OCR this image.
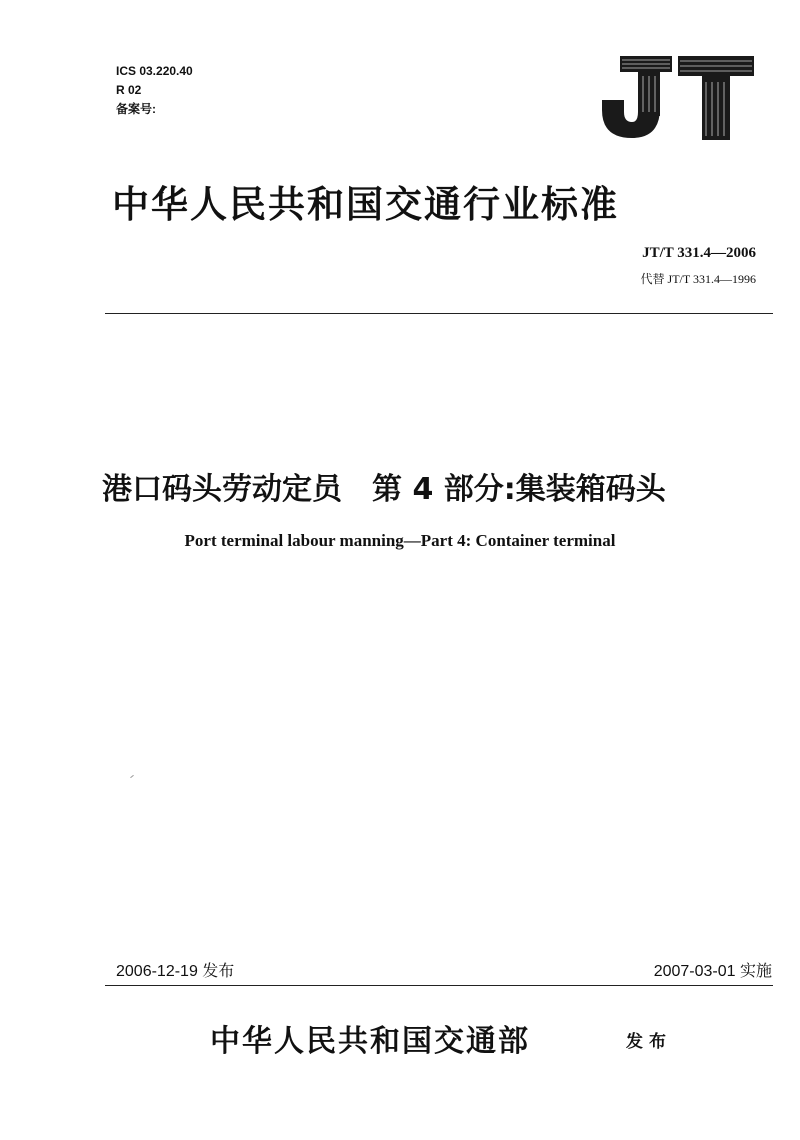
ICS 03.220.40
R 02
备案号:	JT
中华人民共和国交通行业标准
JT/T 331.4—2006
代替 JT/T 331.4—1996
港口码头劳动定员　第 4 部分:集装箱码头
Port terminal labour manning—Part 4: Container terminal
2006-12-19 发布	2007-03-01 实施
中华人民共和国交通部	发布
